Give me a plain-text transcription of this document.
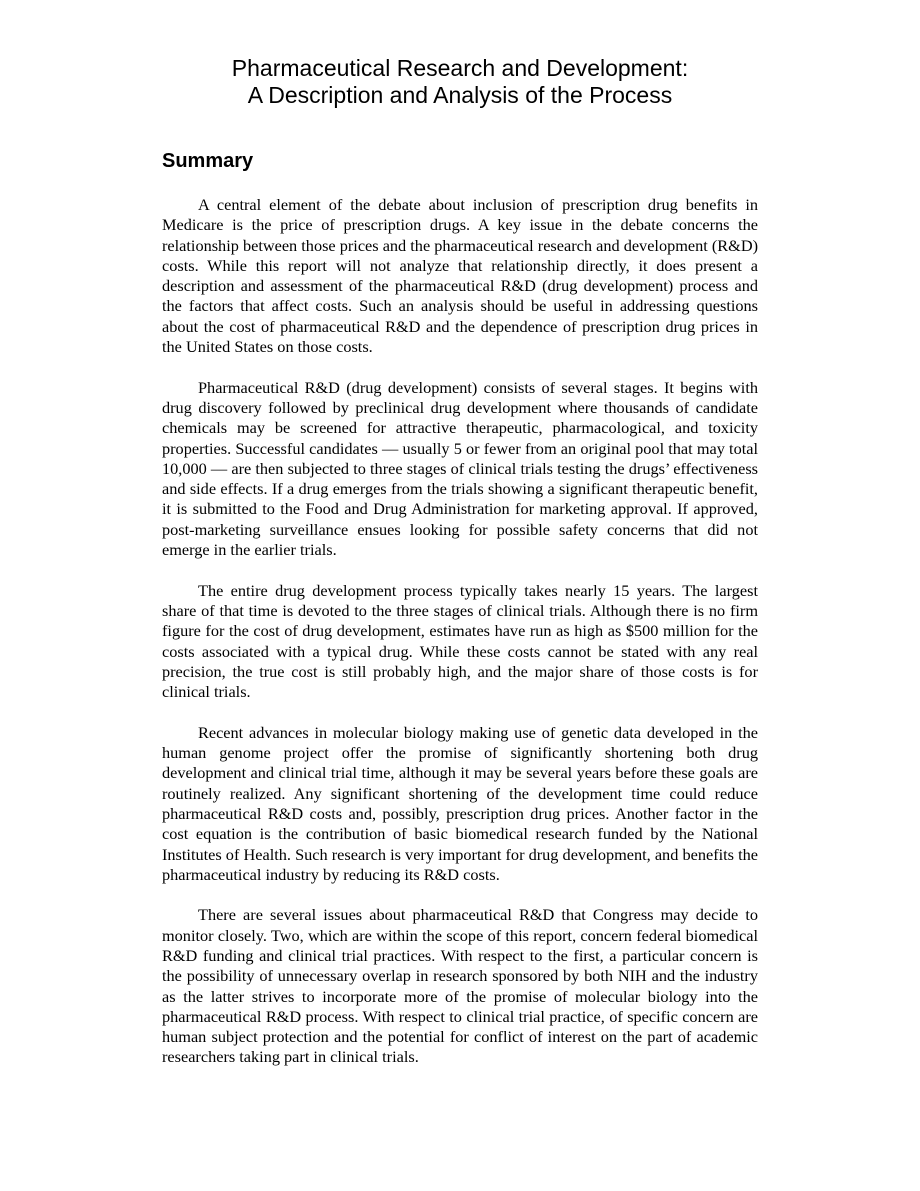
Pharmaceutical Research and Development:
A Description and Analysis of the Process
Summary

A central element of the debate about inclusion of prescription drug benefits in Medicare is the price of prescription drugs. A key issue in the debate concerns the relationship between those prices and the pharmaceutical research and development (R&D) costs. While this report will not analyze that relationship directly, it does present a description and assessment of the pharmaceutical R&D (drug development) process and the factors that affect costs. Such an analysis should be useful in addressing questions about the cost of pharmaceutical R&D and the dependence of prescription drug prices in the United States on those costs.

Pharmaceutical R&D (drug development) consists of several stages. It begins with drug discovery followed by preclinical drug development where thousands of candidate chemicals may be screened for attractive therapeutic, pharmacological, and toxicity properties. Successful candidates — usually 5 or fewer from an original pool that may total 10,000 — are then subjected to three stages of clinical trials testing the drugs’ effectiveness and side effects. If a drug emerges from the trials showing a significant therapeutic benefit, it is submitted to the Food and Drug Administration for marketing approval. If approved, post-marketing surveillance ensues looking for possible safety concerns that did not emerge in the earlier trials.

The entire drug development process typically takes nearly 15 years. The largest share of that time is devoted to the three stages of clinical trials. Although there is no firm figure for the cost of drug development, estimates have run as high as $500 million for the costs associated with a typical drug. While these costs cannot be stated with any real precision, the true cost is still probably high, and the major share of those costs is for clinical trials.

Recent advances in molecular biology making use of genetic data developed in the human genome project offer the promise of significantly shortening both drug development and clinical trial time, although it may be several years before these goals are routinely realized. Any significant shortening of the development time could reduce pharmaceutical R&D costs and, possibly, prescription drug prices. Another factor in the cost equation is the contribution of basic biomedical research funded by the National Institutes of Health. Such research is very important for drug development, and benefits the pharmaceutical industry by reducing its R&D costs.

There are several issues about pharmaceutical R&D that Congress may decide to monitor closely. Two, which are within the scope of this report, concern federal biomedical R&D funding and clinical trial practices. With respect to the first, a particular concern is the possibility of unnecessary overlap in research sponsored by both NIH and the industry as the latter strives to incorporate more of the promise of molecular biology into the pharmaceutical R&D process. With respect to clinical trial practice, of specific concern are human subject protection and the potential for conflict of interest on the part of academic researchers taking part in clinical trials.
